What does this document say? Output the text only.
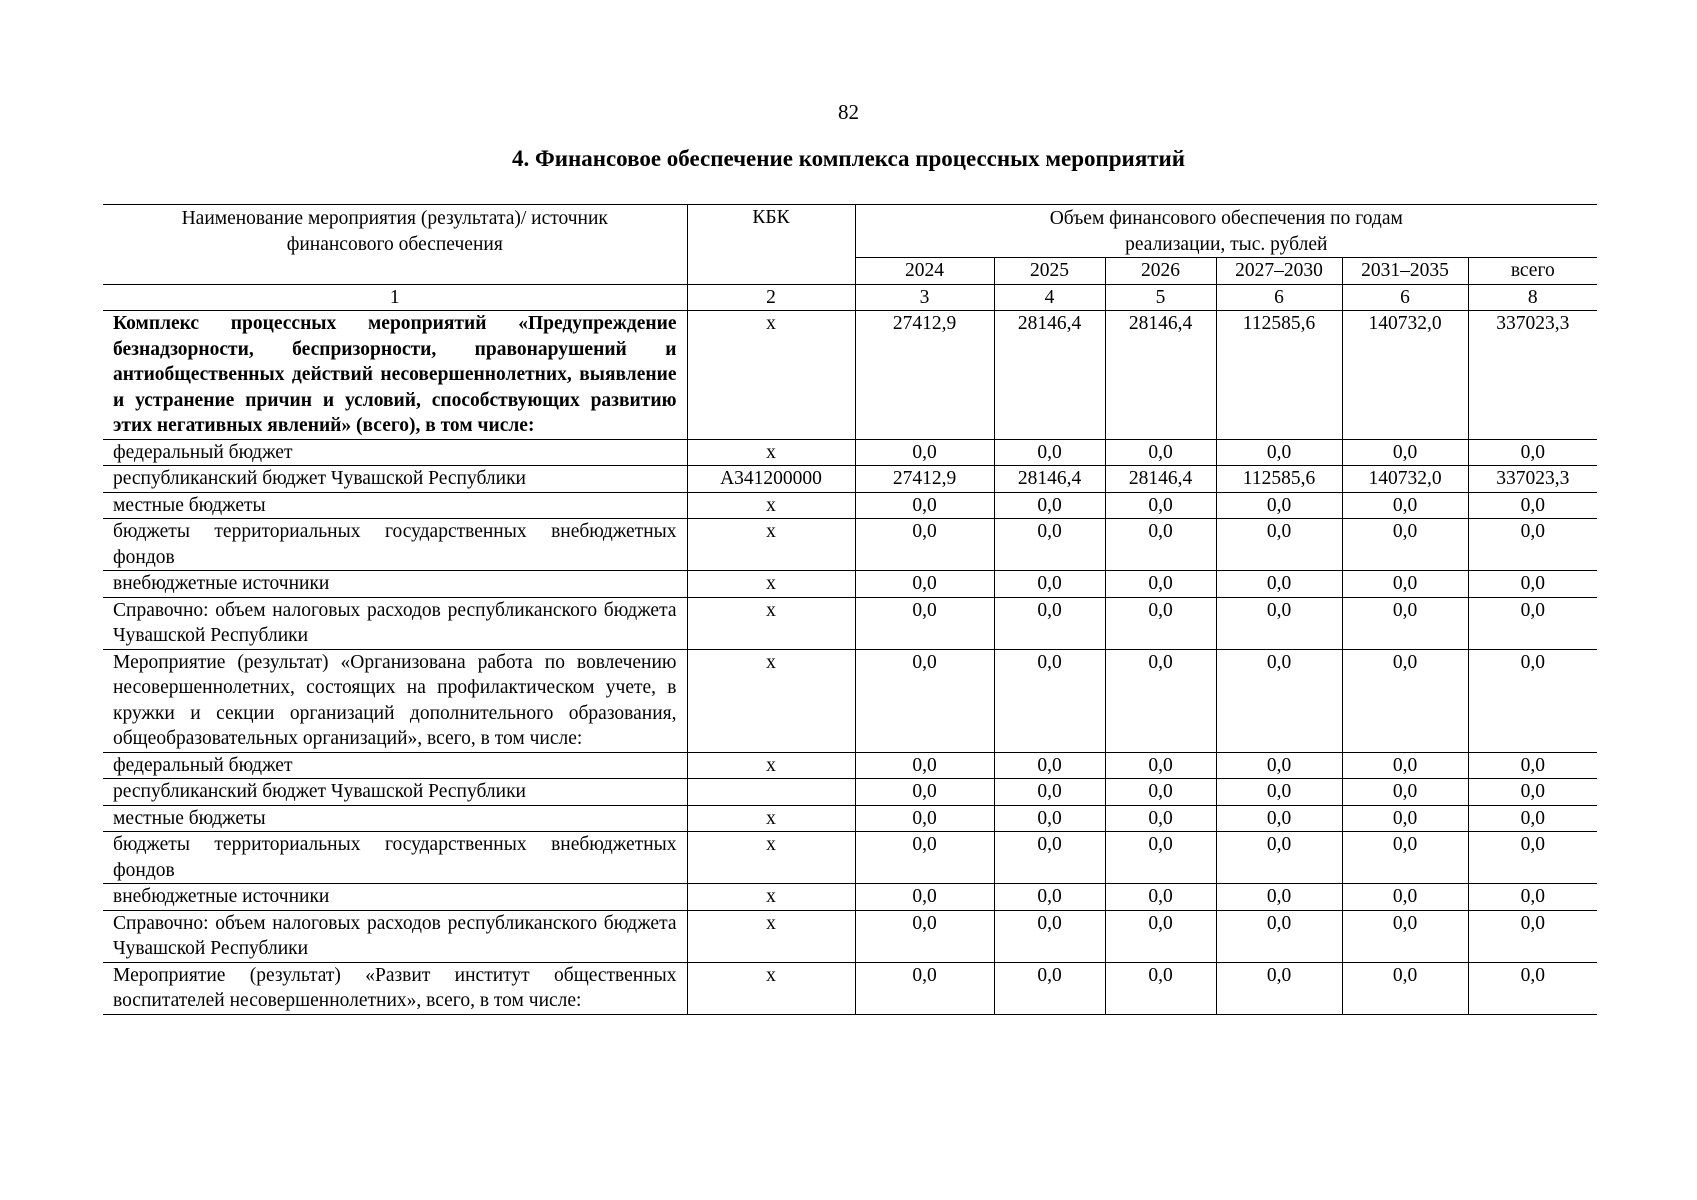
82
4. Финансовое обеспечение комплекса процессных мероприятий
Наименование мероприятия (результата)/ источник финансового обеспечения	КБК	Объем финансового обеспечения по годам реализации, тыс. рублей					
		2024	2025	2026	2027–2030	2031–2035	всего
1	2	3	4	5	6	6	8
Комплекс процессных мероприятий «Предупреждение безнадзорности, беспризорности, правонарушений и антиобщественных действий несовершеннолетних, выявление и устранение причин и условий, способствующих развитию этих негативных явлений» (всего), в том числе:	х	27412,9	28146,4	28146,4	112585,6	140732,0	337023,3
федеральный бюджет	х	0,0	0,0	0,0	0,0	0,0	0,0
республиканский бюджет Чувашской Республики	А341200000	27412,9	28146,4	28146,4	112585,6	140732,0	337023,3
местные бюджеты	х	0,0	0,0	0,0	0,0	0,0	0,0
бюджеты территориальных государственных внебюджетных фондов	х	0,0	0,0	0,0	0,0	0,0	0,0
внебюджетные источники	х	0,0	0,0	0,0	0,0	0,0	0,0
Справочно: объем налоговых расходов республиканского бюджета Чувашской Республики	х	0,0	0,0	0,0	0,0	0,0	0,0
Мероприятие (результат) «Организована работа по вовлечению несовершеннолетних, состоящих на профилактическом учете, в кружки и секции организаций дополнительного образования, общеобразовательных организаций», всего, в том числе:	х	0,0	0,0	0,0	0,0	0,0	0,0
федеральный бюджет	х	0,0	0,0	0,0	0,0	0,0	0,0
республиканский бюджет Чувашской Республики		0,0	0,0	0,0	0,0	0,0	0,0
местные бюджеты	х	0,0	0,0	0,0	0,0	0,0	0,0
бюджеты территориальных государственных внебюджетных фондов	х	0,0	0,0	0,0	0,0	0,0	0,0
внебюджетные источники	х	0,0	0,0	0,0	0,0	0,0	0,0
Справочно: объем налоговых расходов республиканского бюджета Чувашской Республики	х	0,0	0,0	0,0	0,0	0,0	0,0
Мероприятие (результат) «Развит институт общественных воспитателей несовершеннолетних», всего, в том числе:	х	0,0	0,0	0,0	0,0	0,0	0,0
